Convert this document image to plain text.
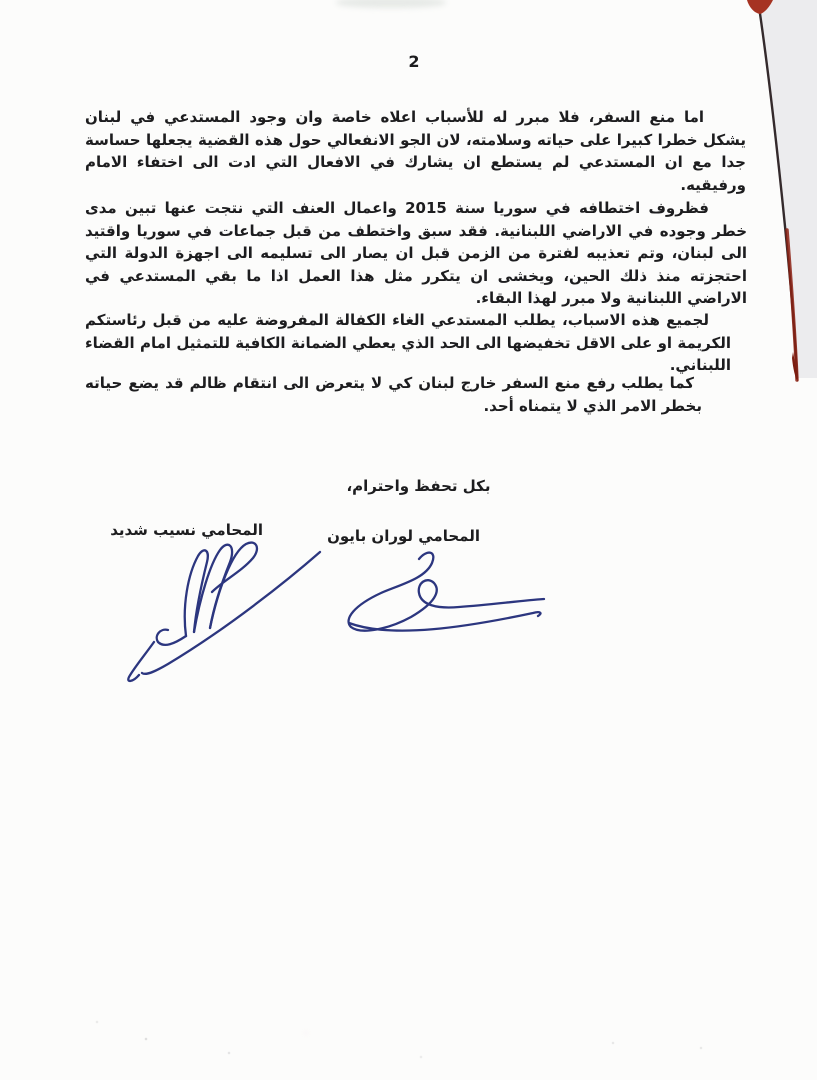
2

اما منع السفر، فلا مبرر له للأسباب اعلاه خاصة وان وجود المستدعي في لبنان يشكل خطرا كبيرا على حياته وسلامته، لان الجو الانفعالي حول هذه القضية يجعلها حساسة جدا مع ان المستدعي لم يستطع ان يشارك في الافعال التي ادت الى اختفاء الامام ورفيقيه.

فظروف اختطافه في سوريا سنة 2015 واعمال العنف التي نتجت عنها تبين مدى خطر وجوده في الاراضي اللبنانية. فقد سبق واختطف من قبل جماعات في سوريا واقتيد الى لبنان، وتم تعذيبه لفترة من الزمن قبل ان يصار الى تسليمه الى اجهزة الدولة التي احتجزته منذ ذلك الحين، ويخشى ان يتكرر مثل هذا العمل اذا ما بقي المستدعي في الاراضي اللبنانية ولا مبرر لهذا البقاء.

لجميع هذه الاسباب، يطلب المستدعي الغاء الكفالة المفروضة عليه من قبل رئاستكم الكريمة او على الاقل تخفيضها الى الحد الذي يعطي الضمانة الكافية للتمثيل امام القضاء اللبناني.

كما يطلب رفع منع السفر خارج لبنان كي لا يتعرض الى انتقام ظالم قد يضع حياته بخطر الامر الذي لا يتمناه أحد.

بكل تحفظ واحترام،
المحامي لوران بايون
المحامي نسيب شديد
